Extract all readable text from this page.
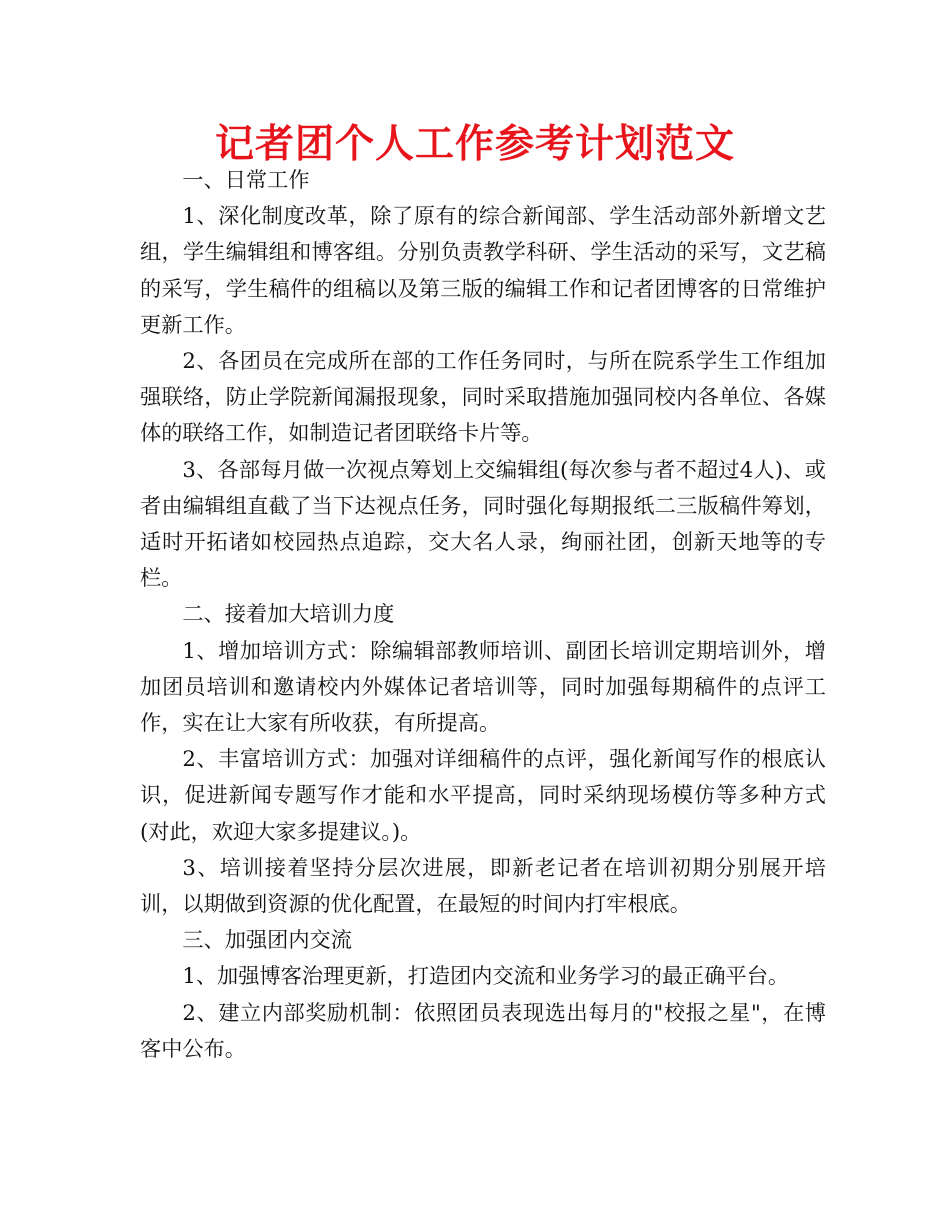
记者团个人工作参考计划范文

一、日常工作

1、深化制度改革，除了原有的综合新闻部、学生活动部外新增文艺组，学生编辑组和博客组。分别负责教学科研、学生活动的采写，文艺稿的采写，学生稿件的组稿以及第三版的编辑工作和记者团博客的日常维护更新工作。

2、各团员在完成所在部的工作任务同时，与所在院系学生工作组加强联络，防止学院新闻漏报现象，同时采取措施加强同校内各单位、各媒体的联络工作，如制造记者团联络卡片等。

3、各部每月做一次视点筹划上交编辑组(每次参与者不超过4人)、或者由编辑组直截了当下达视点任务，同时强化每期报纸二三版稿件筹划，适时开拓诸如校园热点追踪，交大名人录，绚丽社团，创新天地等的专栏。

二、接着加大培训力度

1、增加培训方式：除编辑部教师培训、副团长培训定期培训外，增加团员培训和邀请校内外媒体记者培训等，同时加强每期稿件的点评工作，实在让大家有所收获，有所提高。

2、丰富培训方式：加强对详细稿件的点评，强化新闻写作的根底认识，促进新闻专题写作才能和水平提高，同时采纳现场模仿等多种方式(对此，欢迎大家多提建议。)。

3、培训接着坚持分层次进展，即新老记者在培训初期分别展开培训，以期做到资源的优化配置，在最短的时间内打牢根底。

三、加强团内交流

1、加强博客治理更新，打造团内交流和业务学习的最正确平台。

2、建立内部奖励机制：依照团员表现选出每月的"校报之星"，在博客中公布。
